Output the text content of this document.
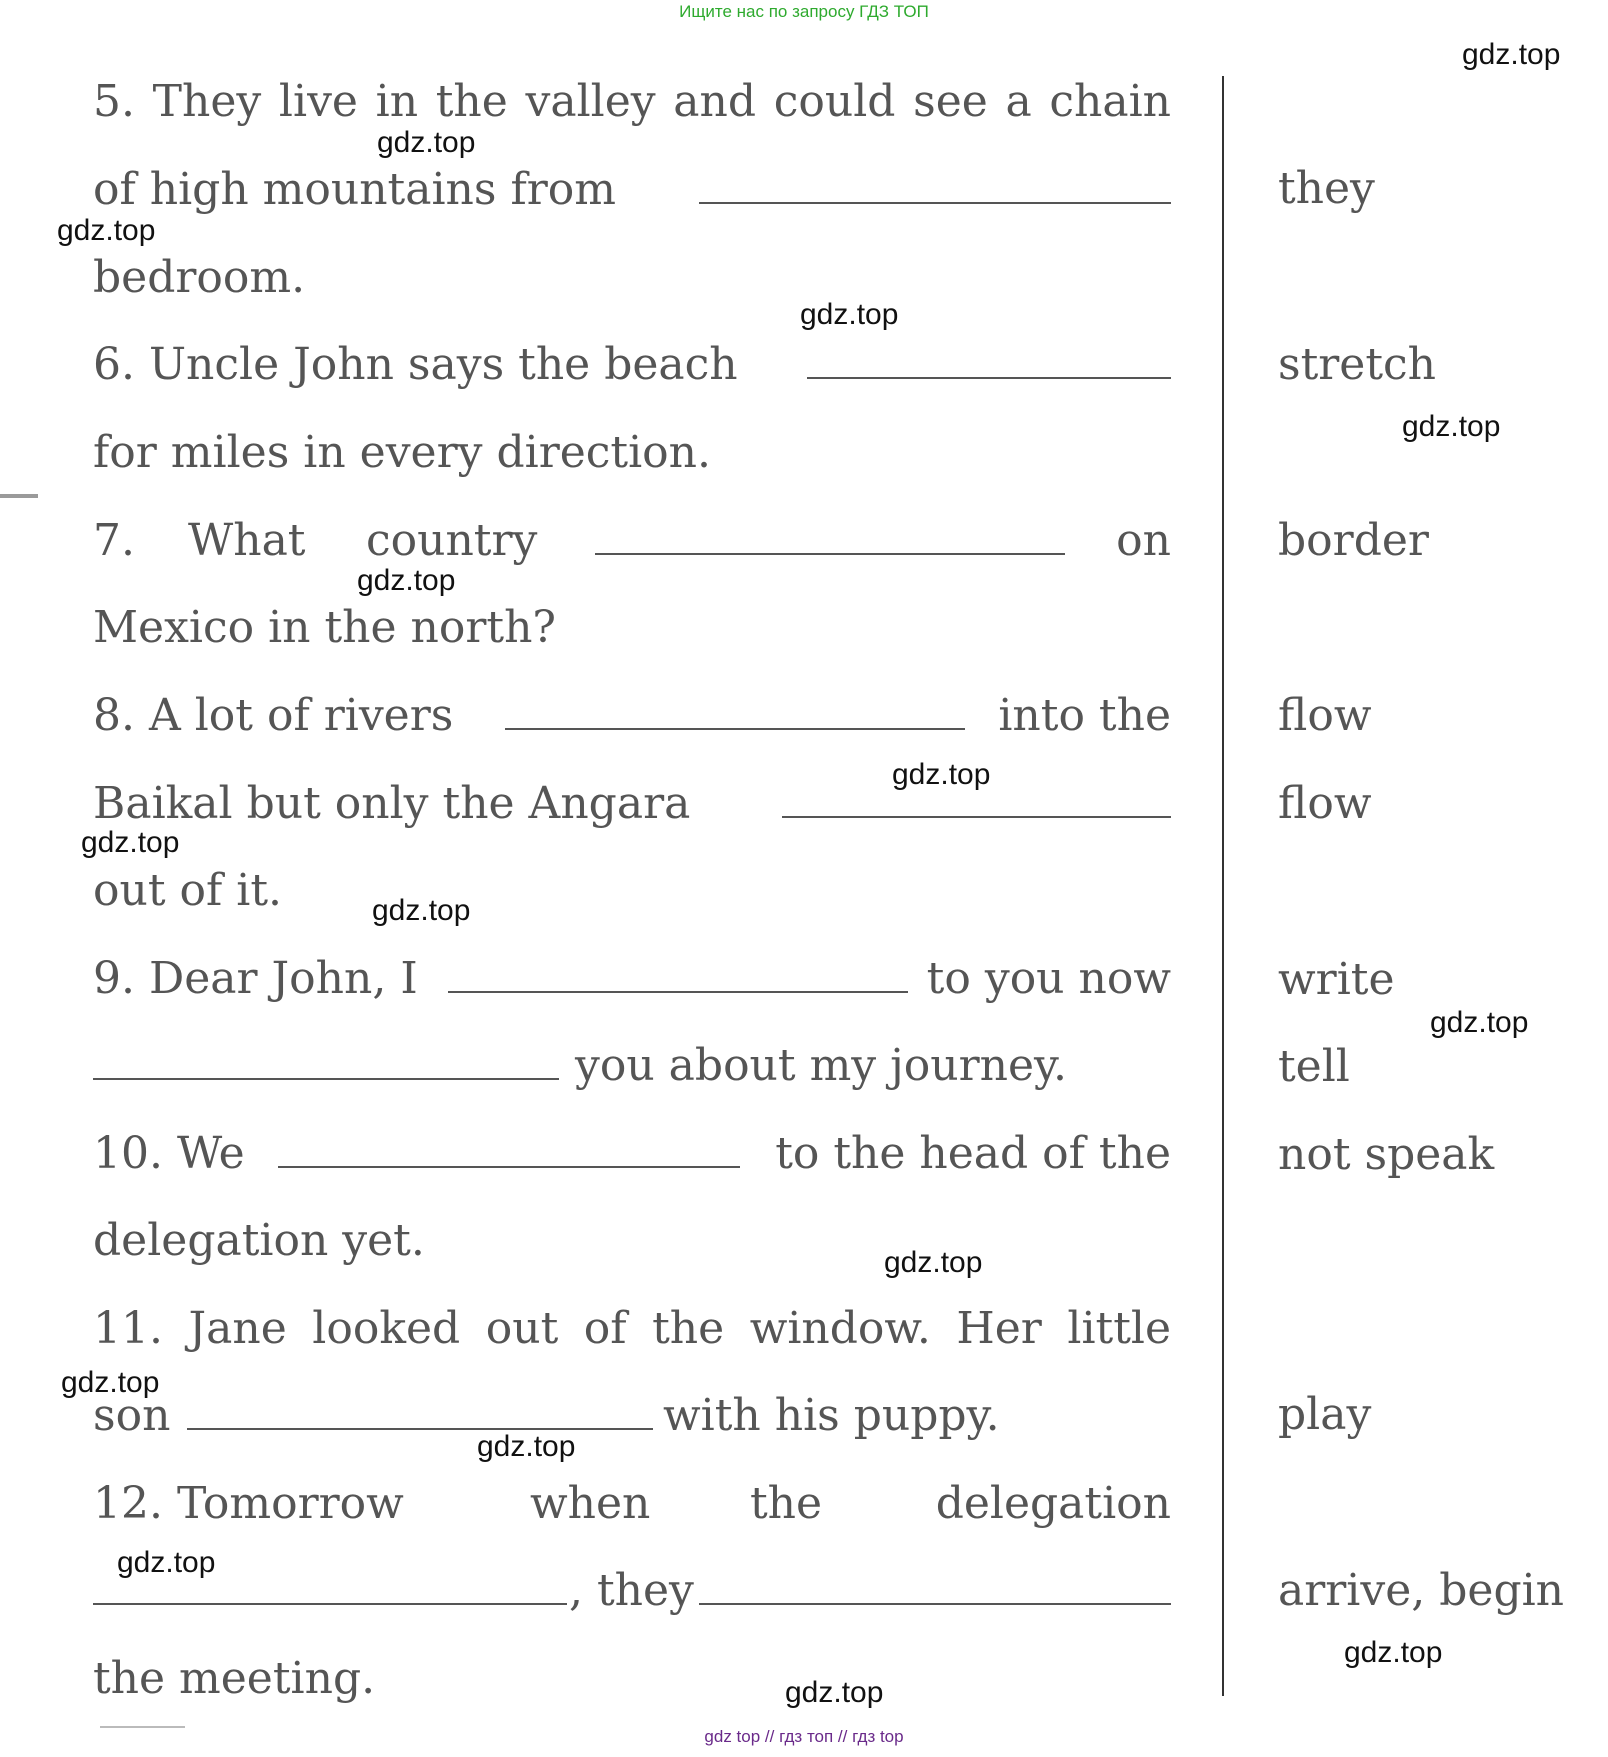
Ищите нас по запросу ГДЗ ТОП
5. They live in the valley and could see a chain
of high mountains from
bedroom.
they
6. Uncle John says the beach
for miles in every direction.
stretch
7. What country	on
Mexico in the north?
border
8. A lot of rivers	into the
Baikal but only the Angara
out of it.
flow
flow
9. Dear John, I	to you now
you about my journey.
write
tell
10. We	to the head of the
delegation yet.
not speak
11. Jane looked out of the window. Her little
son	with his puppy.	play
12. Tomorrow	when the	delegation
, they
the meeting.
arrive, begin
gdz.top
gdz.top
gdz.top
gdz.top
gdz.top
gdz.top
gdz.top
gdz.top
gdz.top
gdz.top
gdz.top
gdz.top
gdz.top
gdz.top
gdz.top
gdz.top
gdz top // гдз топ // гдз top
